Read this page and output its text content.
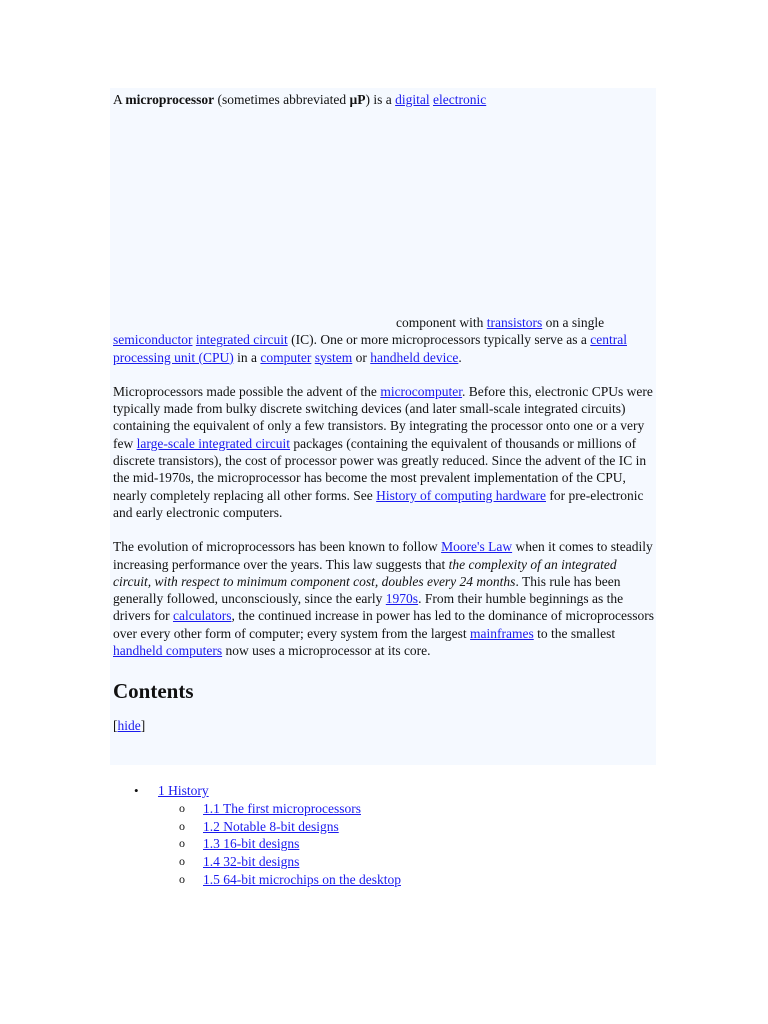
A microprocessor (sometimes abbreviated µP) is a digital electronic
component with transistors on a single
semiconductor integrated circuit (IC). One or more microprocessors typically serve as a central processing unit (CPU) in a computer system or handheld device.

Microprocessors made possible the advent of the microcomputer. Before this, electronic CPUs were typically made from bulky discrete switching devices (and later small-scale integrated circuits) containing the equivalent of only a few transistors. By integrating the processor onto one or a very few large-scale integrated circuit packages (containing the equivalent of thousands or millions of discrete transistors), the cost of processor power was greatly reduced. Since the advent of the IC in the mid-1970s, the microprocessor has become the most prevalent implementation of the CPU, nearly completely replacing all other forms. See History of computing hardware for pre-electronic and early electronic computers.

The evolution of microprocessors has been known to follow Moore's Law when it comes to steadily increasing performance over the years. This law suggests that the complexity of an integrated circuit, with respect to minimum component cost, doubles every 24 months. This rule has been generally followed, unconsciously, since the early 1970s. From their humble beginnings as the drivers for calculators, the continued increase in power has led to the dominance of microprocessors over every other form of computer; every system from the largest mainframes to the smallest handheld computers now uses a microprocessor at its core.

Contents
[hide]
• 1 History
o 1.1 The first microprocessors
o 1.2 Notable 8-bit designs
o 1.3 16-bit designs
o 1.4 32-bit designs
o 1.5 64-bit microchips on the desktop
